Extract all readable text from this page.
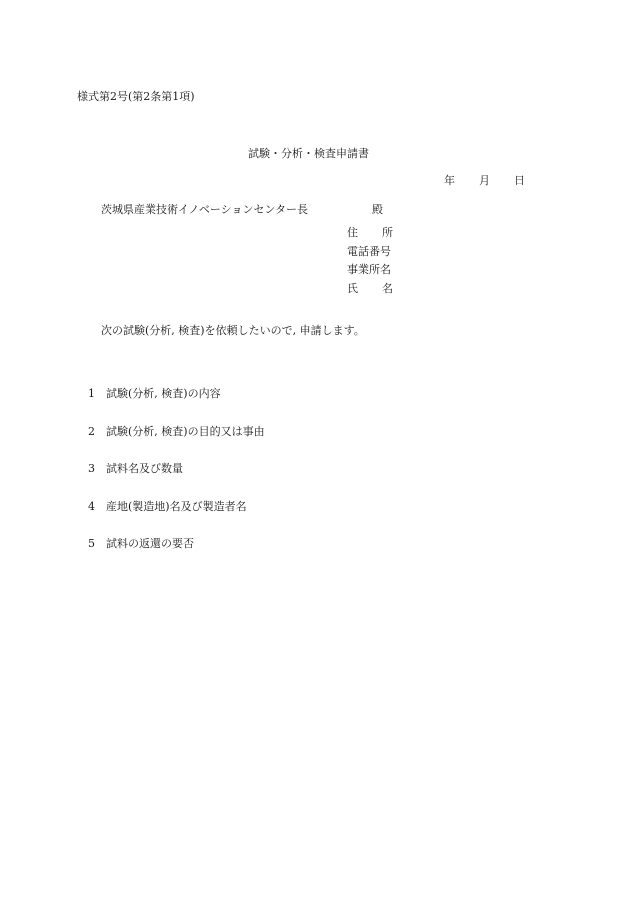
様式第2号(第2条第1項)
試験・分析・検査申請書
年 月 日
茨城県産業技術イノベーションセンター長	殿
住 所
電話番号
事業所名
氏 名
次の試験(分析, 検査)を依頼したいので, 申請します。
1	試験(分析, 検査)の内容
2	試験(分析, 検査)の目的又は事由
3	試料名及び数量
4	産地(製造地)名及び製造者名
5	試料の返還の要否
